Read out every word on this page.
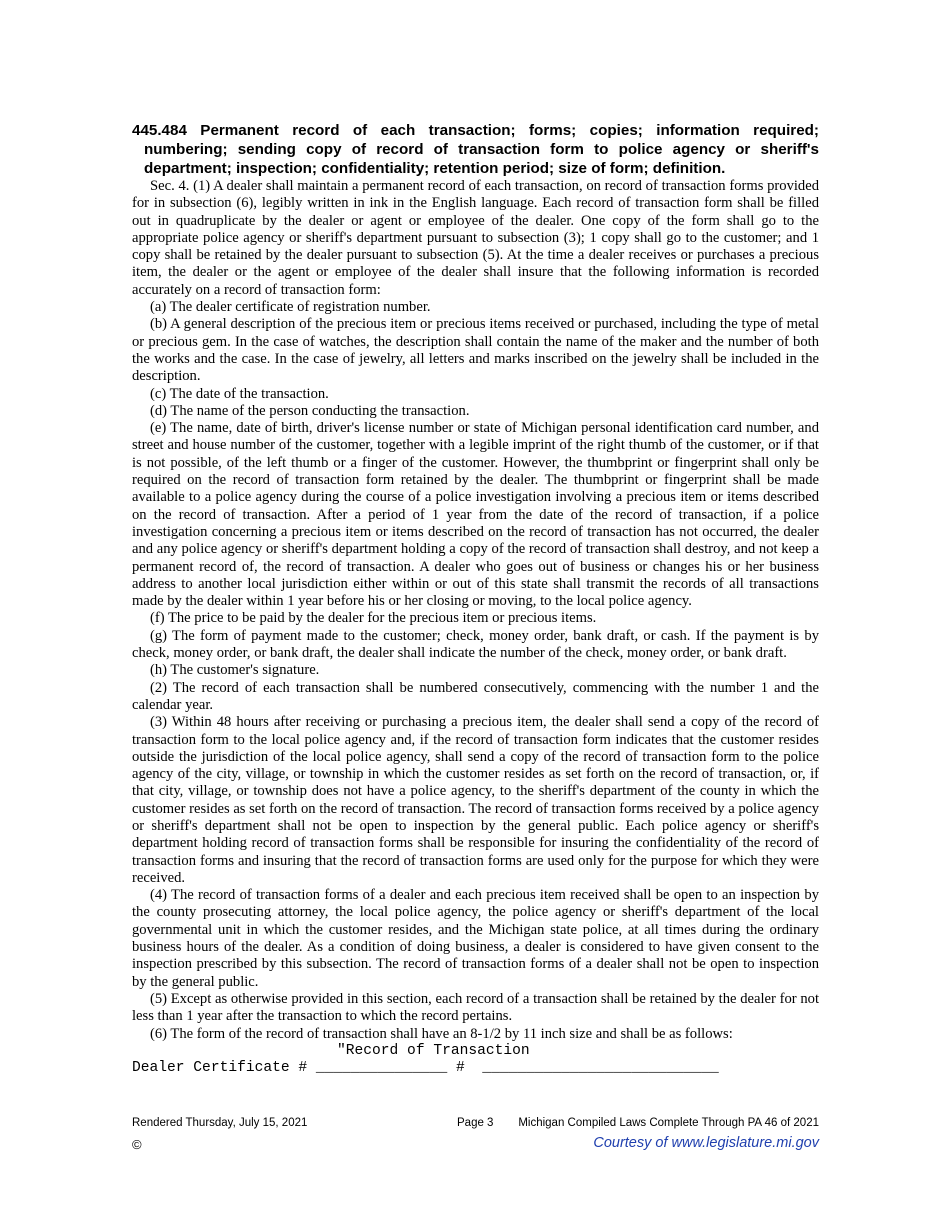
445.484 Permanent record of each transaction; forms; copies; information required; numbering; sending copy of record of transaction form to police agency or sheriff's department; inspection; confidentiality; retention period; size of form; definition.

Sec. 4. (1) A dealer shall maintain a permanent record of each transaction, on record of transaction forms provided for in subsection (6), legibly written in ink in the English language. Each record of transaction form shall be filled out in quadruplicate by the dealer or agent or employee of the dealer. One copy of the form shall go to the appropriate police agency or sheriff's department pursuant to subsection (3); 1 copy shall go to the customer; and 1 copy shall be retained by the dealer pursuant to subsection (5). At the time a dealer receives or purchases a precious item, the dealer or the agent or employee of the dealer shall insure that the following information is recorded accurately on a record of transaction form:

(a) The dealer certificate of registration number.

(b) A general description of the precious item or precious items received or purchased, including the type of metal or precious gem. In the case of watches, the description shall contain the name of the maker and the number of both the works and the case. In the case of jewelry, all letters and marks inscribed on the jewelry shall be included in the description.

(c) The date of the transaction.

(d) The name of the person conducting the transaction.

(e) The name, date of birth, driver's license number or state of Michigan personal identification card number, and street and house number of the customer, together with a legible imprint of the right thumb of the customer, or if that is not possible, of the left thumb or a finger of the customer. However, the thumbprint or fingerprint shall only be required on the record of transaction form retained by the dealer. The thumbprint or fingerprint shall be made available to a police agency during the course of a police investigation involving a precious item or items described on the record of transaction. After a period of 1 year from the date of the record of transaction, if a police investigation concerning a precious item or items described on the record of transaction has not occurred, the dealer and any police agency or sheriff's department holding a copy of the record of transaction shall destroy, and not keep a permanent record of, the record of transaction. A dealer who goes out of business or changes his or her business address to another local jurisdiction either within or out of this state shall transmit the records of all transactions made by the dealer within 1 year before his or her closing or moving, to the local police agency.

(f) The price to be paid by the dealer for the precious item or precious items.

(g) The form of payment made to the customer; check, money order, bank draft, or cash. If the payment is by check, money order, or bank draft, the dealer shall indicate the number of the check, money order, or bank draft.

(h) The customer's signature.

(2) The record of each transaction shall be numbered consecutively, commencing with the number 1 and the calendar year.

(3) Within 48 hours after receiving or purchasing a precious item, the dealer shall send a copy of the record of transaction form to the local police agency and, if the record of transaction form indicates that the customer resides outside the jurisdiction of the local police agency, shall send a copy of the record of transaction form to the police agency of the city, village, or township in which the customer resides as set forth on the record of transaction, or, if that city, village, or township does not have a police agency, to the sheriff's department of the county in which the customer resides as set forth on the record of transaction. The record of transaction forms received by a police agency or sheriff's department shall not be open to inspection by the general public. Each police agency or sheriff's department holding record of transaction forms shall be responsible for insuring the confidentiality of the record of transaction forms and insuring that the record of transaction forms are used only for the purpose for which they were received.

(4) The record of transaction forms of a dealer and each precious item received shall be open to an inspection by the county prosecuting attorney, the local police agency, the police agency or sheriff's department of the local governmental unit in which the customer resides, and the Michigan state police, at all times during the ordinary business hours of the dealer. As a condition of doing business, a dealer is considered to have given consent to the inspection prescribed by this subsection. The record of transaction forms of a dealer shall not be open to inspection by the general public.

(5) Except as otherwise provided in this section, each record of a transaction shall be retained by the dealer for not less than 1 year after the transaction to which the record pertains.

(6) The form of the record of transaction shall have an 8-1/2 by 11 inch size and shall be as follows:

"Record of Transaction
Dealer Certificate # _______________ #  ___________________________
Rendered Thursday, July 15, 2021	Page 3 Michigan Compiled Laws Complete Through PA 46 of 2021
©	Courtesy of www.legislature.mi.gov
